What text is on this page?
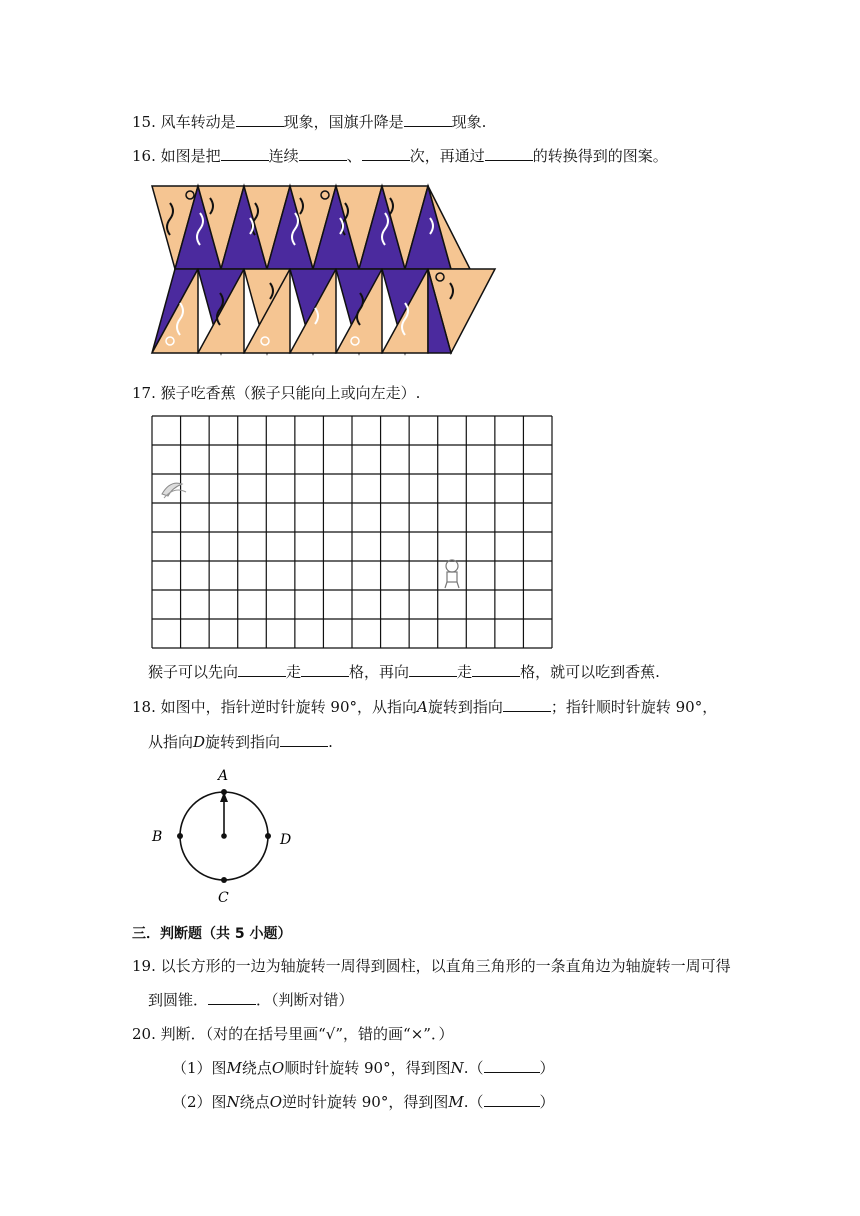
15. 风车转动是	现象，国旗升降是	现象.
16. 如图是把	连续	、	次，再通过	的转换得到的图案。
17. 猴子吃香蕉（猴子只能向上或向左走）.
猴子可以先向	走	格，再向	走	格，就可以吃到香蕉.
18. 如图中，指针逆时针旋转 90°，从指向A旋转到指向	；指针顺时针旋转 90°，
从指向D旋转到指向	.
A
B	D
C
三．判断题（共 5 小题）
19. 以长方形的一边为轴旋转一周得到圆柱，以直角三角形的一条直角边为轴旋转一周可得
到圆锥．	．（判断对错）
20. 判断．（对的在括号里画“√”，错的画“×”．）
（1）图M绕点O顺时针旋转 90°，得到图N.（	）
（2）图N绕点O逆时针旋转 90°，得到图M.（	）
